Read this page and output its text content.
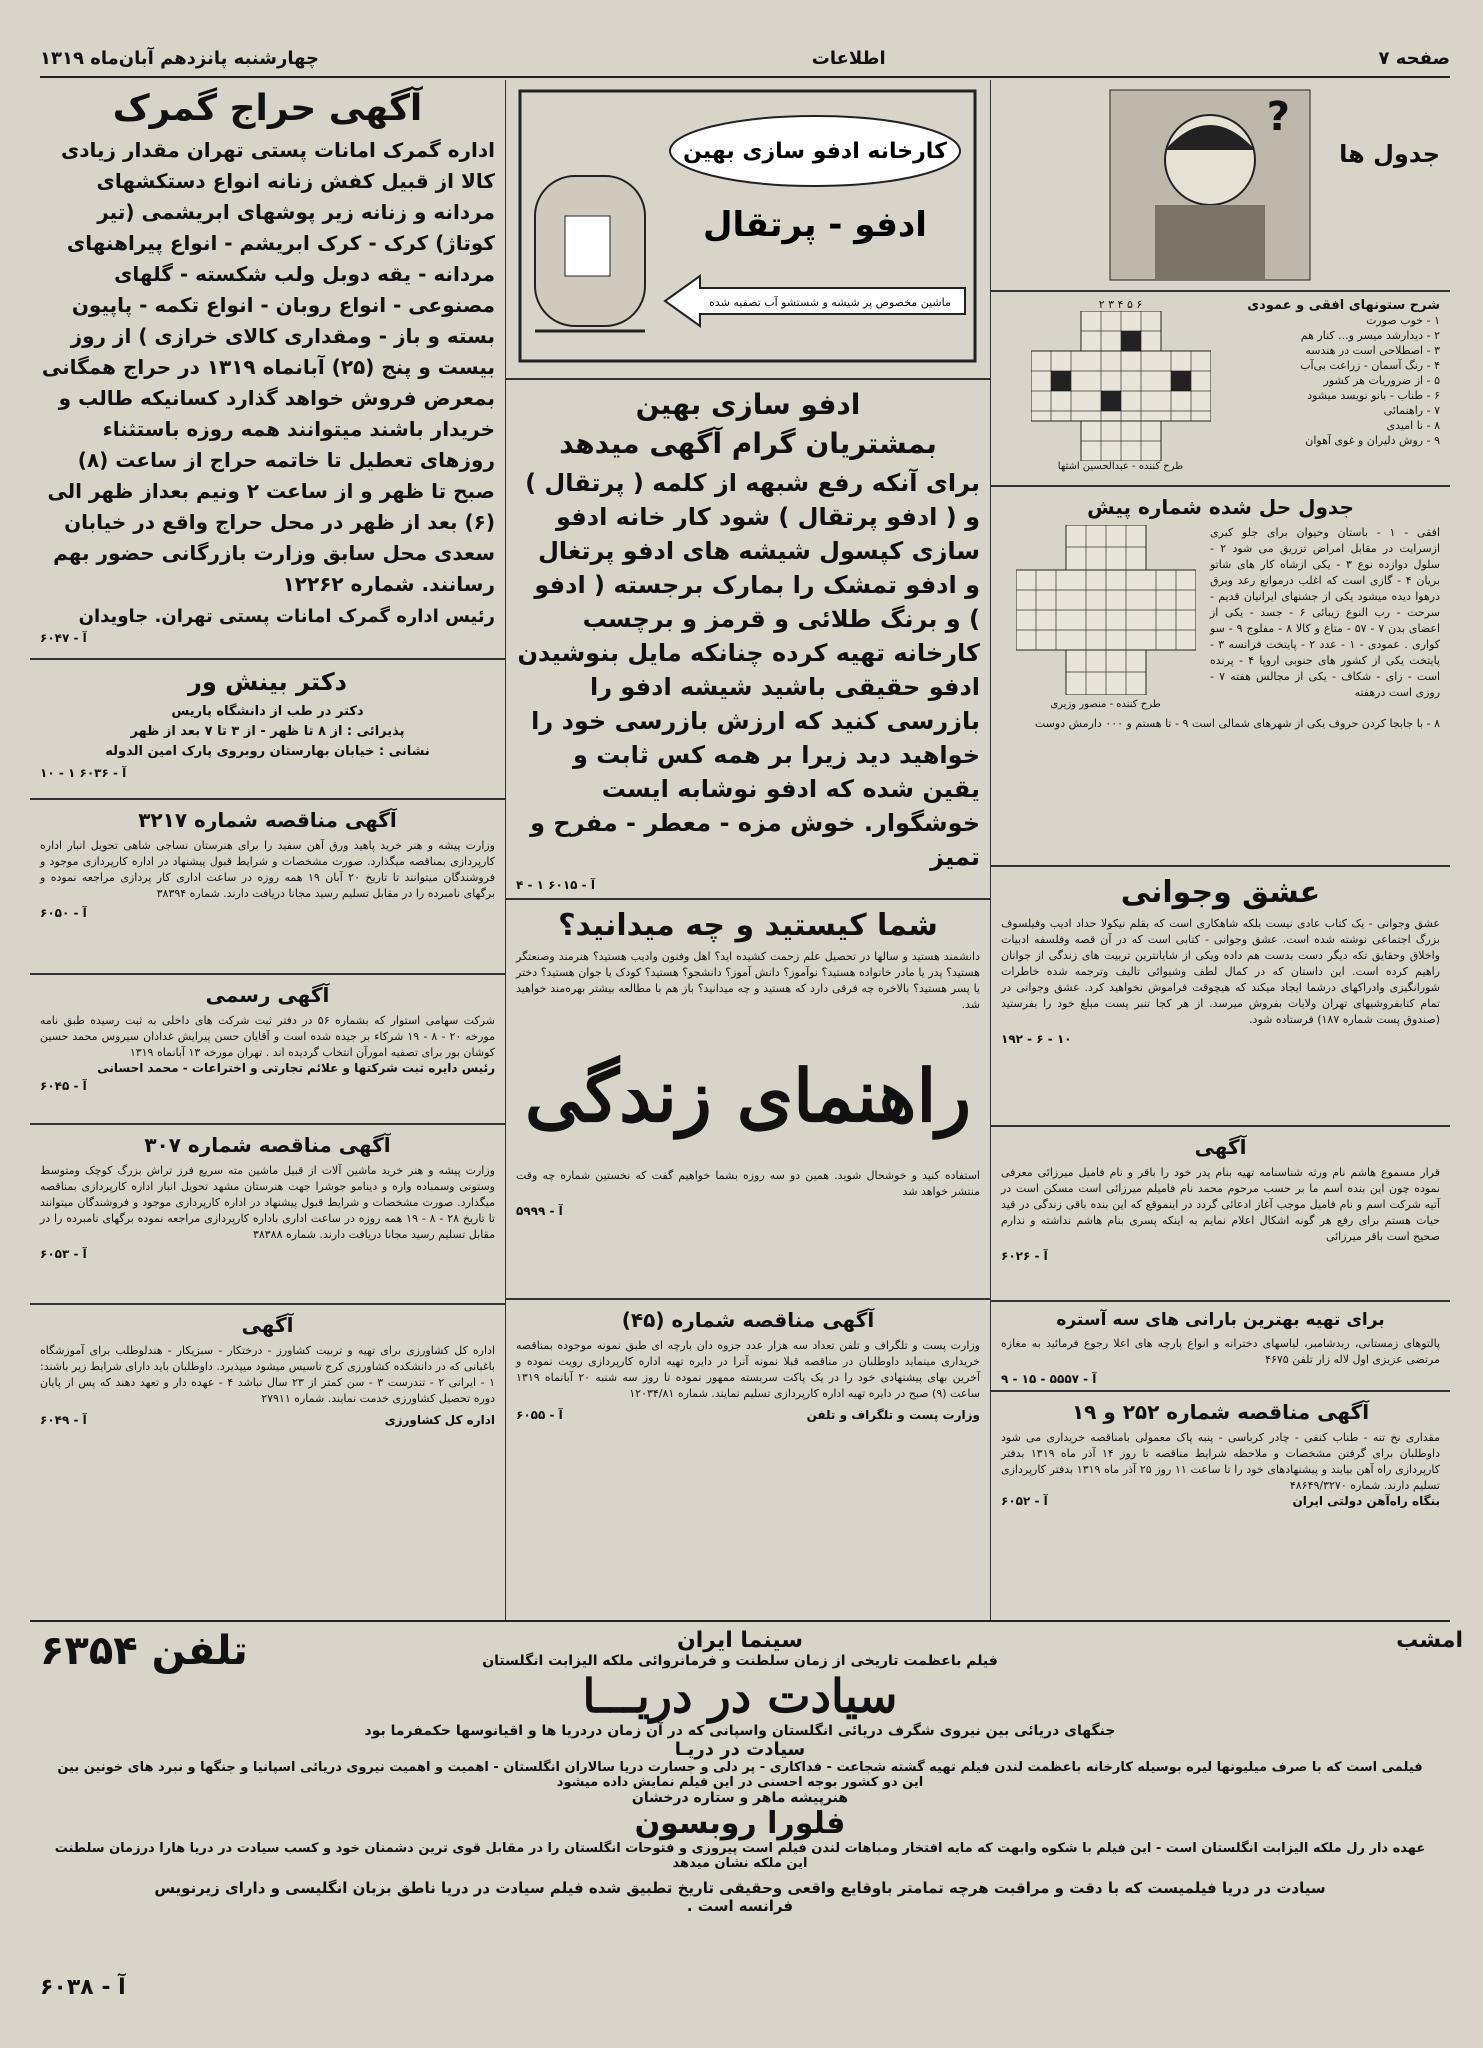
صفحه ۷
اطلاعات
چهارشنبه پانزدهم آبان‌ماه ۱۳۱۹
?
جدول ها
شرح ستونهای افقی و عمودی
۱ - خوب صورت
۲ - دیدارشد میسر و... کنار هم
۳ - اصطلاحی است در هندسه
۴ - رنگ آسمان - زراعت بی‌آب
۵ - از ضروریات هر کشور
۶ - طناب - بانو نویسد میشود
۷ - راهنمائی
۸ - نا امیدی
۹ - روش دلیران و غوی آهوان
۶ ۵ ۴ ۳ ۲
طرح کننده - عبدالحسین اشتها
جدول حل شده شماره پیش
افقی - ۱ - باستان وحیوان برای جلو کبری ازسرایت در مقابل امراض تزریق می شود ۲ - سلول دوازده نوع ۳ - یکی ازشاه کار های شاتو بریان ۴ - گازی است که اغلب درموانع رعد وبرق درهوا دیده میشود یکی از جشنهای ایرانیان قدیم - سرحت - رب النوع زیبائی ۶ - جسد - یکی از اعضای بدن ۷ - ۵۷ - متاع و کالا ۸ - مفلوج ۹ - سو کواری . عمودی - ۱ - عدد ۲ - پایتخت فرانسه ۳ - پایتخت یکی از کشور های جنوبی اروپا ۴ - پرنده است - زای - شکاف - یکی از مجالس هفته ۷ - روزی است درهفته
طرح کننده - منصور وزیری
۸ - با جابجا کردن حروف یکی از شهرهای شمالی است ۹ - تا هستم و ۰۰۰ دارمش دوست
عشق وجوانی
عشق وجوانی - یک کتاب عادی نیست بلکه شاهکاری است که بقلم نیکولا حداد ادیب وفیلسوف بزرگ اجتماعی نوشته شده است. عشق وجوانی - کتابی است که در آن قصه وفلسفه ادبیات واخلاق وحقایق تکه دیگر دست بدست هم داده ویکی از شایانترین تربیت های زندگی از جوانان راهیم کرده است. این داستان که در کمال لطف وشیوائی تالیف وترجمه شده خاطرات شورانگیزی وادراکهای درشما ایجاد میکند که هیچوقت فراموش نخواهید کرد. عشق وجوانی در تمام کتابفروشیهای تهران ولایات بفروش میرسد. از هر کجا تنبر پست مبلغ خود را بفرستید (صندوق پست شماره ۱۸۷) فرستاده شود.
۱۹۲ - ۶ - ۱۰
آگهی
قرار مسموع هاشم نام ورثه شناسنامه تهیه بنام پدر خود را باقر و نام فامیل میرزائی معرفی نموده چون این بنده اسم ما بر حسب مرحوم محمد نام فامیلم میرزائی است مسکن است در آتیه شرکت اسم و نام فامیل موجب آغاز ادعائی گردد در اینموقع که این بنده باقی زندگی در قید حیات هستم برای رفع هر گونه اشکال اعلام نمایم به اینکه پسری بنام هاشم نداشته و ندارم صحیح است باقر میرزائی
آ - ۶۰۲۶
برای تهیه بهترین بارانی های سه آستره
پالتوهای زمستانی، ربدشامبر، لباسهای دخترانه و انواع پارچه های اعلا رجوع فرمائید به مغازه مرتضی عزیزی اول لاله زار تلفن ۴۶۷۵
آ - ۵۵۵۷ - ۱۵ - ۹
آگهی مناقصه شماره ۲۵۲ و ۱۹
مقداری نخ تنه - طناب کنفی - چادر کرباسی - پنبه پاک معمولی بامناقصه خریداری می شود داوطلبان برای گرفتن مشخصات و ملاحظه شرایط مناقصه تا روز ۱۴ آذر ماه ۱۳۱۹ بدفتر کارپردازی راه آهن بیایند و پیشنهادهای خود را تا ساعت ۱۱ روز ۲۵ آذر ماه ۱۳۱۹ بدفتر کارپردازی تسلیم دارند. شماره ۴۸۶۴۹/۳۲۷۰
بنگاه راه‌آهن دولتی ایران
آ - ۶۰۵۲
کارخانه ادفو سازی بهین
ادفو - پرتقال
ماشین مخصوص پر شیشه و شستشو آب تصفیه شده
ادفو سازی بهین
بمشتریان گرام آگهی میدهد
برای آنکه رفع شبهه از کلمه ( پرتقال ) و ( ادفو پرتقال ) شود کار خانه ادفو سازی کپسول شیشه های ادفو پرتغال و ادفو تمشک را بمارک برجسته ( ادفو ) و برنگ طلائی و قرمز و برچسب کارخانه تهیه کرده چنانکه مایل بنوشیدن ادفو حقیقی باشید شیشه ادفو را بازرسی کنید که ارزش بازرسی خود را خواهید دید زیرا بر همه کس ثابت و یقین شده که ادفو نوشابه ایست خوشگوار. خوش مزه - معطر - مفرح و تمیز
آ - ۶۰۱۵ ۱ - ۴
شما کیستید و چه میدانید؟
دانشمند هستید و سالها در تحصیل علم زحمت کشیده اید؟ اهل وفنون وادیب هستید؟ هنرمند وصنعتگر هستید؟ پدر یا مادر خانواده هستید؟ نوآموز؟ دانش آموز؟ دانشجو؟ هستید؟ کودک یا جوان هستید؟ دختر یا پسر هستید؟ بالاخره چه فرقی دارد که هستید و چه میدانید؟ باز هم با مطالعه بیشتر بهره‌مند خواهید شد.
راهنمای زندگی
استفاده کنید و خوشحال شوید. همین دو سه روزه بشما خواهیم گفت که نخستین شماره چه وقت منتشر خواهد شد
آ - ۵۹۹۹
آگهی مناقصه شماره (۴۵)
وزارت پست و تلگراف و تلفن تعداد سه هزار عدد جزوه دان بارچه ای طبق نمونه موجوده بمناقصه خریداری مینماید داوطلبان در مناقصه قبلا نمونه آنرا در دایره تهیه اداره کارپردازی رویت نموده و آخرین بهای پیشنهادی خود را در یک پاکت سربسته ممهور نموده تا روز سه شنبه ۲۰ آبانماه ۱۳۱۹ ساعت (۹) صبح در دایره تهیه اداره کارپردازی تسلیم نمایند. شماره ۱۲۰۳۴/۸۱
وزارت پست و تلگراف و تلفن
آ - ۶۰۵۵
آگهی حراج گمرک
اداره گمرک امانات پستی تهران مقدار زیادی کالا از قبیل کفش زنانه انواع دستکشهای مردانه و زنانه زیر پوشهای ابریشمی (تیر کوتاژ) کرک - کرک ابریشم - انواع پیراهنهای مردانه - یقه دوبل ولب شکسته - گلهای مصنوعی - انواع روبان - انواع تکمه - پاپیون بسته و باز - ومقداری کالای خرازی ) از روز بیست و پنج (۲۵) آبانماه ۱۳۱۹ در حراج همگانی بمعرض فروش خواهد گذارد کسانیکه طالب و خریدار باشند میتوانند همه روزه باستثناء روزهای تعطیل تا خاتمه حراج از ساعت (۸) صبح تا ظهر و از ساعت ۲ ونیم بعداز ظهر الی (۶) بعد از ظهر در محل حراج واقع در خیابان سعدی محل سابق وزارت بازرگانی حضور بهم رسانند. شماره ۱۲۲۶۲
رئیس اداره گمرک امانات پستی تهران. جاویدان
آ - ۶۰۴۷
دکتر بینش ور
دکتر در طب از دانشگاه پاریس
پذیرائی : از ۸ تا ظهر - از ۳ تا ۷ بعد از ظهر
نشانی : خیابان بهارستان روبروی پارک امین الدوله
آ - ۶۰۳۶ ۱ - ۱۰
آگهی مناقصه شماره ۳۲۱۷
وزارت پیشه و هنر خرید پاهید ورق آهن سفید را برای هنرستان نساجی شاهی تحویل انبار اداره کارپردازی بمناقصه میگذارد. صورت مشخصات و شرایط قبول پیشنهاد در اداره کارپردازی موجود و فروشندگان میتوانند تا تاریخ ۲۰ آبان ۱۹ همه روزه در ساعت اداری کار پردازی مراجعه نموده و برگهای نامبرده را در مقابل تسلیم رسید مجانا دریافت دارند. شماره ۳۸۳۹۴
آ - ۶۰۵۰
آگهی رسمی
شرکت سهامی استوار که بشماره ۵۶ در دفتر ثبت شرکت های داخلی به ثبت رسیده طبق نامه مورخه ۲۰ - ۸ - ۱۹ شرکاء بر جیده شده است و آقایان حسن پیرایش غدادان سیروس محمد حسین کوشان بور برای تصفیه امورآن انتخاب گردیده اند . تهران مورخه ۱۳ آبانماه ۱۳۱۹
رئیس دایره ثبت شرکتها و علائم تجارتی و اختراعات - محمد احسانی
آ - ۶۰۴۵
آگهی مناقصه شماره ۳۰۷
وزارت پیشه و هنر خرید ماشین آلات از قبیل ماشین مته سریع فرز تراش بزرگ کوچک ومتوسط وستونی وسمباده واره و دینامو جوشرا جهت هنرستان مشهد تحویل انبار اداره کارپردازی بمناقصه میگذارد. صورت مشخصات و شرایط قبول پیشنهاد در اداره کارپردازی موجود و فروشندگان میتوانند تا تاریخ ۲۸ - ۸ - ۱۹ همه روزه در ساعت اداری باداره کارپردازی مراجعه نموده برگهای نامبرده را در مقابل تسلیم رسید مجانا دریافت دارند. شماره ۳۸۳۸۸
آ - ۶۰۵۳
آگهی
اداره کل کشاورزی برای تهیه و تربیت کشاورز - درختکار - سبزیکار - هندلوطلب برای آموزشگاه باغبانی که در دانشکده کشاورزی کرج تاسیس میشود میپذیرد. داوطلبان باید دارای شرایط زیر باشند: ۱ - ایرانی ۲ - تندرست ۳ - سن کمتر از ۲۳ سال نباشد ۴ - عهده دار و تعهد دهند که پس از پایان دوره تحصیل کشاورزی خدمت نمایند. شماره ۲۷۹۱۱
اداره کل کشاورزی
آ - ۶۰۴۹
سینما ایران
فیلم باعظمت تاریخی از زمان سلطنت و فرمانروائی ملکه الیزابت انگلستان
سیادت در دریـــا
جنگهای دریائی بین نیروی شگرف دریائی انگلستان واسپانی که در آن زمان دردریا ها و اقیانوسها حکمفرما بود
سیادت در دریـا
فیلمی است که با صرف میلیونها لیره بوسیله کارخانه باعظمت لندن فیلم تهیه گشته شجاعت - فداکاری - پر دلی و جسارت دریا سالاران انگلستان - اهمیت و اهمیت نیروی دریائی اسپانیا و جنگها و نبرد های خونین بین این دو کشور بوجه احسنی در این فیلم نمایش داده میشود
هنرپیشه ماهر و ستاره درخشان
فلورا روبسون
عهده دار رل ملکه الیزابت انگلستان است - این فیلم با شکوه وابهت که مایه افتخار ومباهات لندن فیلم است پیروزی و فتوحات انگلستان را در مقابل قوی ترین دشمنان خود و کسب سیادت در دریا هارا درزمان سلطنت این ملکه نشان میدهد
سیادت در دریا فیلمیست که با دقت و مراقبت هرچه تمامتر باوقایع واقعی وحقیقی تاریخ تطبیق شده فیلم سیادت در دریا ناطق بزبان انگلیسی و دارای زیرنویس فرانسه است .
امشب
تلفن ۶۳۵۴
آ - ۶۰۳۸
